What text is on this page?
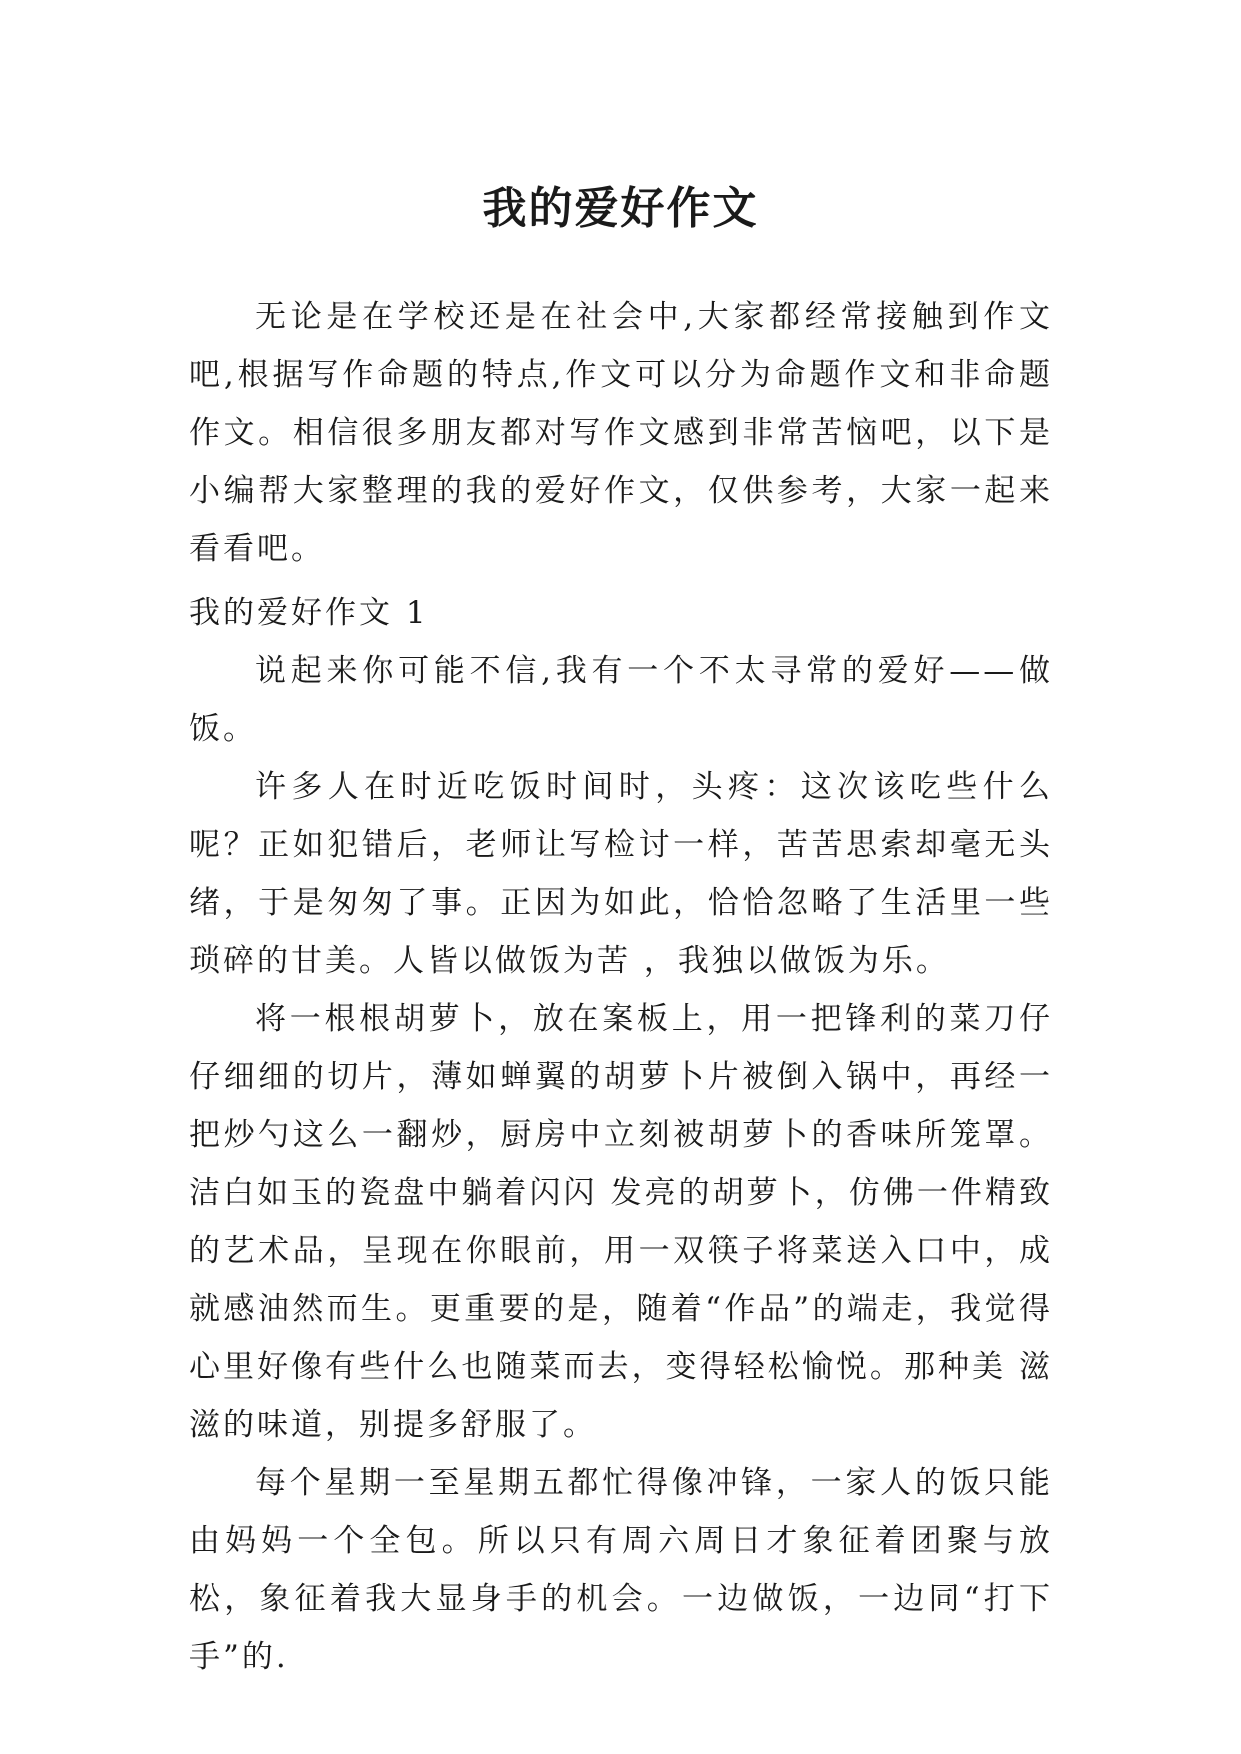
我的爱好作文

无论是在学校还是在社会中,大家都经常接触到作文吧,根据写作命题的特点,作文可以分为命题作文和非命题作文。相信很多朋友都对写作文感到非常苦恼吧，以下是小编帮大家整理的我的爱好作文，仅供参考，大家一起来看看吧。

我的爱好作文 1

说起来你可能不信,我有一个不太寻常的爱好——做饭。

许多人在时近吃饭时间时，头疼：这次该吃些什么呢？正如犯错后，老师让写检讨一样，苦苦思索却毫无头绪，于是匆匆了事。正因为如此，恰恰忽略了生活里一些琐碎的甘美。人皆以做饭为苦 ，我独以做饭为乐。

将一根根胡萝卜，放在案板上，用一把锋利的菜刀仔仔细细的切片，薄如蝉翼的胡萝卜片被倒入锅中，再经一把炒勺这么一翻炒，厨房中立刻被胡萝卜的香味所笼罩。洁白如玉的瓷盘中躺着闪闪 发亮的胡萝卜，仿佛一件精致的艺术品，呈现在你眼前，用一双筷子将菜送入口中，成就感油然而生。更重要的是，随着“作品”的端走，我觉得心里好像有些什么也随菜而去，变得轻松愉悦。那种美 滋滋的味道，别提多舒服了。

每个星期一至星期五都忙得像冲锋，一家人的饭只能由妈妈一个全包。所以只有周六周日才象征着团聚与放松，象征着我大显身手的机会。一边做饭，一边同“打下手”的.
